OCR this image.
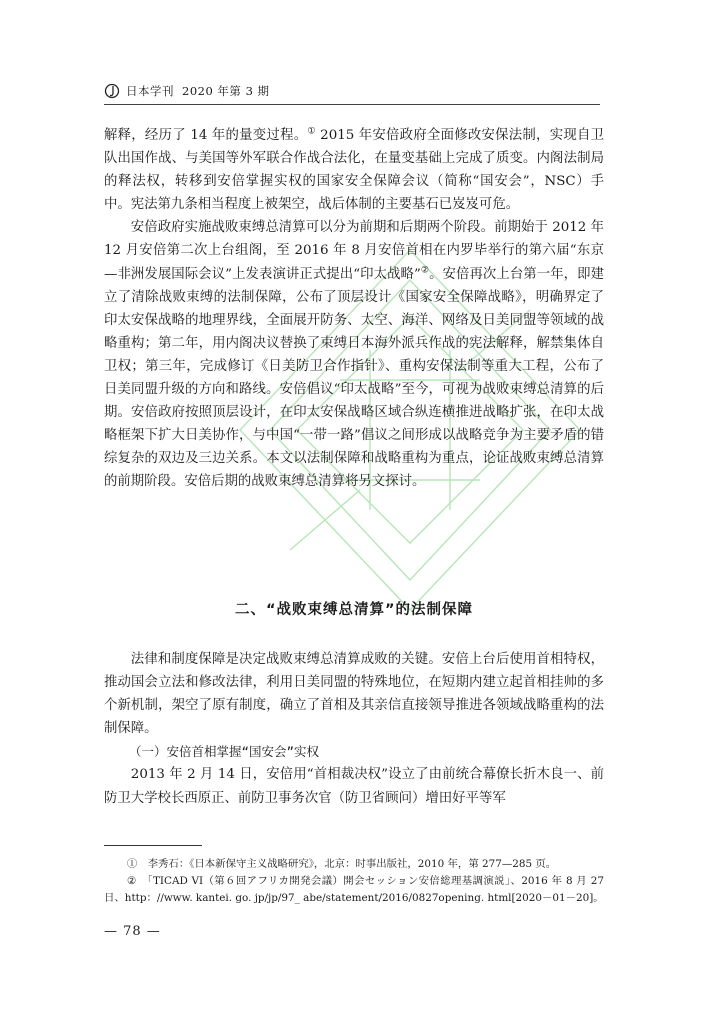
日本学刊 2020 年第 3 期

解释，经历了 14 年的量变过程。① 2015 年安倍政府全面修改安保法制，实现自卫队出国作战、与美国等外军联合作战合法化，在量变基础上完成了质变。内阁法制局的释法权，转移到安倍掌握实权的国家安全保障会议（简称“国安会”，NSC）手中。宪法第九条相当程度上被架空，战后体制的主要基石已岌岌可危。

安倍政府实施战败束缚总清算可以分为前期和后期两个阶段。前期始于 2012 年 12 月安倍第二次上台组阁，至 2016 年 8 月安倍首相在内罗毕举行的第六届“东京—非洲发展国际会议”上发表演讲正式提出“印太战略”②。安倍再次上台第一年，即建立了清除战败束缚的法制保障，公布了顶层设计《国家安全保障战略》，明确界定了印太安保战略的地理界线，全面展开防务、太空、海洋、网络及日美同盟等领域的战略重构；第二年，用内阁决议替换了束缚日本海外派兵作战的宪法解释，解禁集体自卫权；第三年，完成修订《日美防卫合作指针》、重构安保法制等重大工程，公布了日美同盟升级的方向和路线。安倍倡议“印太战略”至今，可视为战败束缚总清算的后期。安倍政府按照顶层设计，在印太安保战略区域合纵连横推进战略扩张，在印太战略框架下扩大日美协作，与中国“一带一路”倡议之间形成以战略竞争为主要矛盾的错综复杂的双边及三边关系。本文以法制保障和战略重构为重点，论证战败束缚总清算的前期阶段。安倍后期的战败束缚总清算将另文探讨。

二、“战败束缚总清算”的法制保障

法律和制度保障是决定战败束缚总清算成败的关键。安倍上台后使用首相特权，推动国会立法和修改法律，利用日美同盟的特殊地位，在短期内建立起首相挂帅的多个新机制，架空了原有制度，确立了首相及其亲信直接领导推进各领域战略重构的法制保障。

（一）安倍首相掌握“国安会”实权

2013 年 2 月 14 日，安倍用“首相裁决权”设立了由前统合幕僚长折木良一、前防卫大学校长西原正、前防卫事务次官（防卫省顾问）增田好平等军

①　李秀石：《日本新保守主义战略研究》，北京：时事出版社，2010 年，第 277—285 页。

②　「TICAD VI（第６回アフリカ開発会議）開会セッション安倍総理基調演説」、2016 年 8 月 27 日、http：//www. kantei. go. jp/jp/97_ abe/statement/2016/0827opening. html[2020－01－20]。

— 78 —
